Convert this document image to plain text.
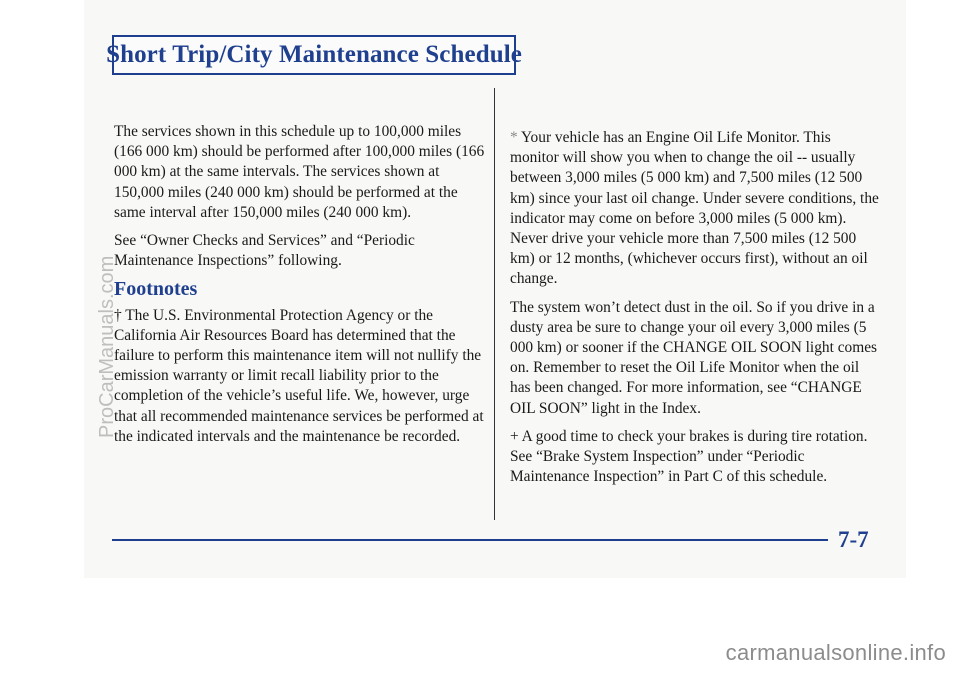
Short Trip/City Maintenance Schedule

The services shown in this schedule up to 100,000 miles (166 000 km) should be performed after 100,000 miles (166 000 km) at the same intervals. The services shown at 150,000 miles (240 000 km) should be performed at the same interval after 150,000 miles (240 000 km).

See “Owner Checks and Services” and “Periodic Maintenance Inspections” following.

Footnotes

† The U.S. Environmental Protection Agency or the California Air Resources Board has determined that the failure to perform this maintenance item will not nullify the emission warranty or limit recall liability prior to the completion of the vehicle’s useful life. We, however, urge that all recommended maintenance services be performed at the indicated intervals and the maintenance be recorded.

* Your vehicle has an Engine Oil Life Monitor. This monitor will show you when to change the oil -- usually between 3,000 miles (5 000 km) and 7,500 miles (12 500 km) since your last oil change. Under severe conditions, the indicator may come on before 3,000 miles (5 000 km). Never drive your vehicle more than 7,500 miles (12 500 km) or 12 months, (whichever occurs first), without an oil change.

The system won’t detect dust in the oil. So if you drive in a dusty area be sure to change your oil every 3,000 miles (5 000 km) or sooner if the CHANGE OIL SOON light comes on. Remember to reset the Oil Life Monitor when the oil has been changed. For more information, see “CHANGE OIL SOON” light in the Index.

+ A good time to check your brakes is during tire rotation. See “Brake System Inspection” under “Periodic Maintenance Inspection” in Part C of this schedule.

7-7
ProCarManuals.com
carmanualsonline.info
